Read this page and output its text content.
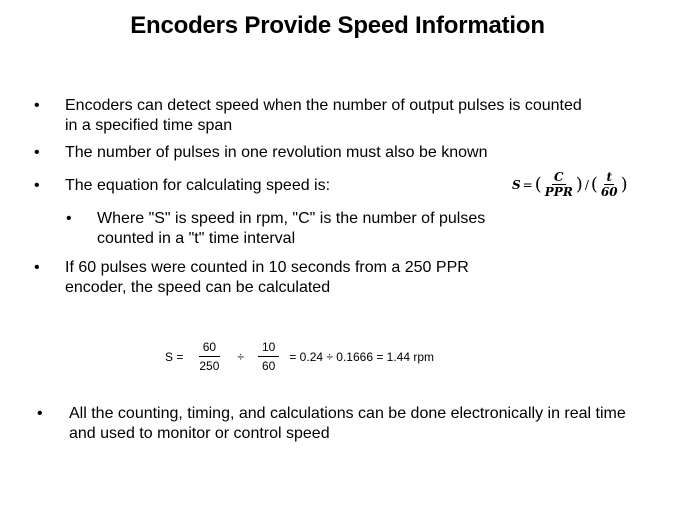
Encoders Provide Speed Information
•	Encoders can detect speed when the number of output pulses is counted in a specified time span
•	The number of pulses in one revolution must also be known
•	The equation for calculating speed is:
•	Where "S" is speed in rpm, "C" is the number of pulses counted in a "t" time interval
•	If 60 pulses were counted in 10 seconds from a 250 PPR encoder, the speed can be calculated
S = ( $\frac{C}{\text{PPR}}$ ) / ( $\frac{t}{60}$ )
$S = \frac{60}{250} \div \frac{10}{60} = 0.24 \div 0.1666 = 1.44$ rpm
•	All the counting, timing, and calculations can be done electronically in real time and used to monitor or control speed
